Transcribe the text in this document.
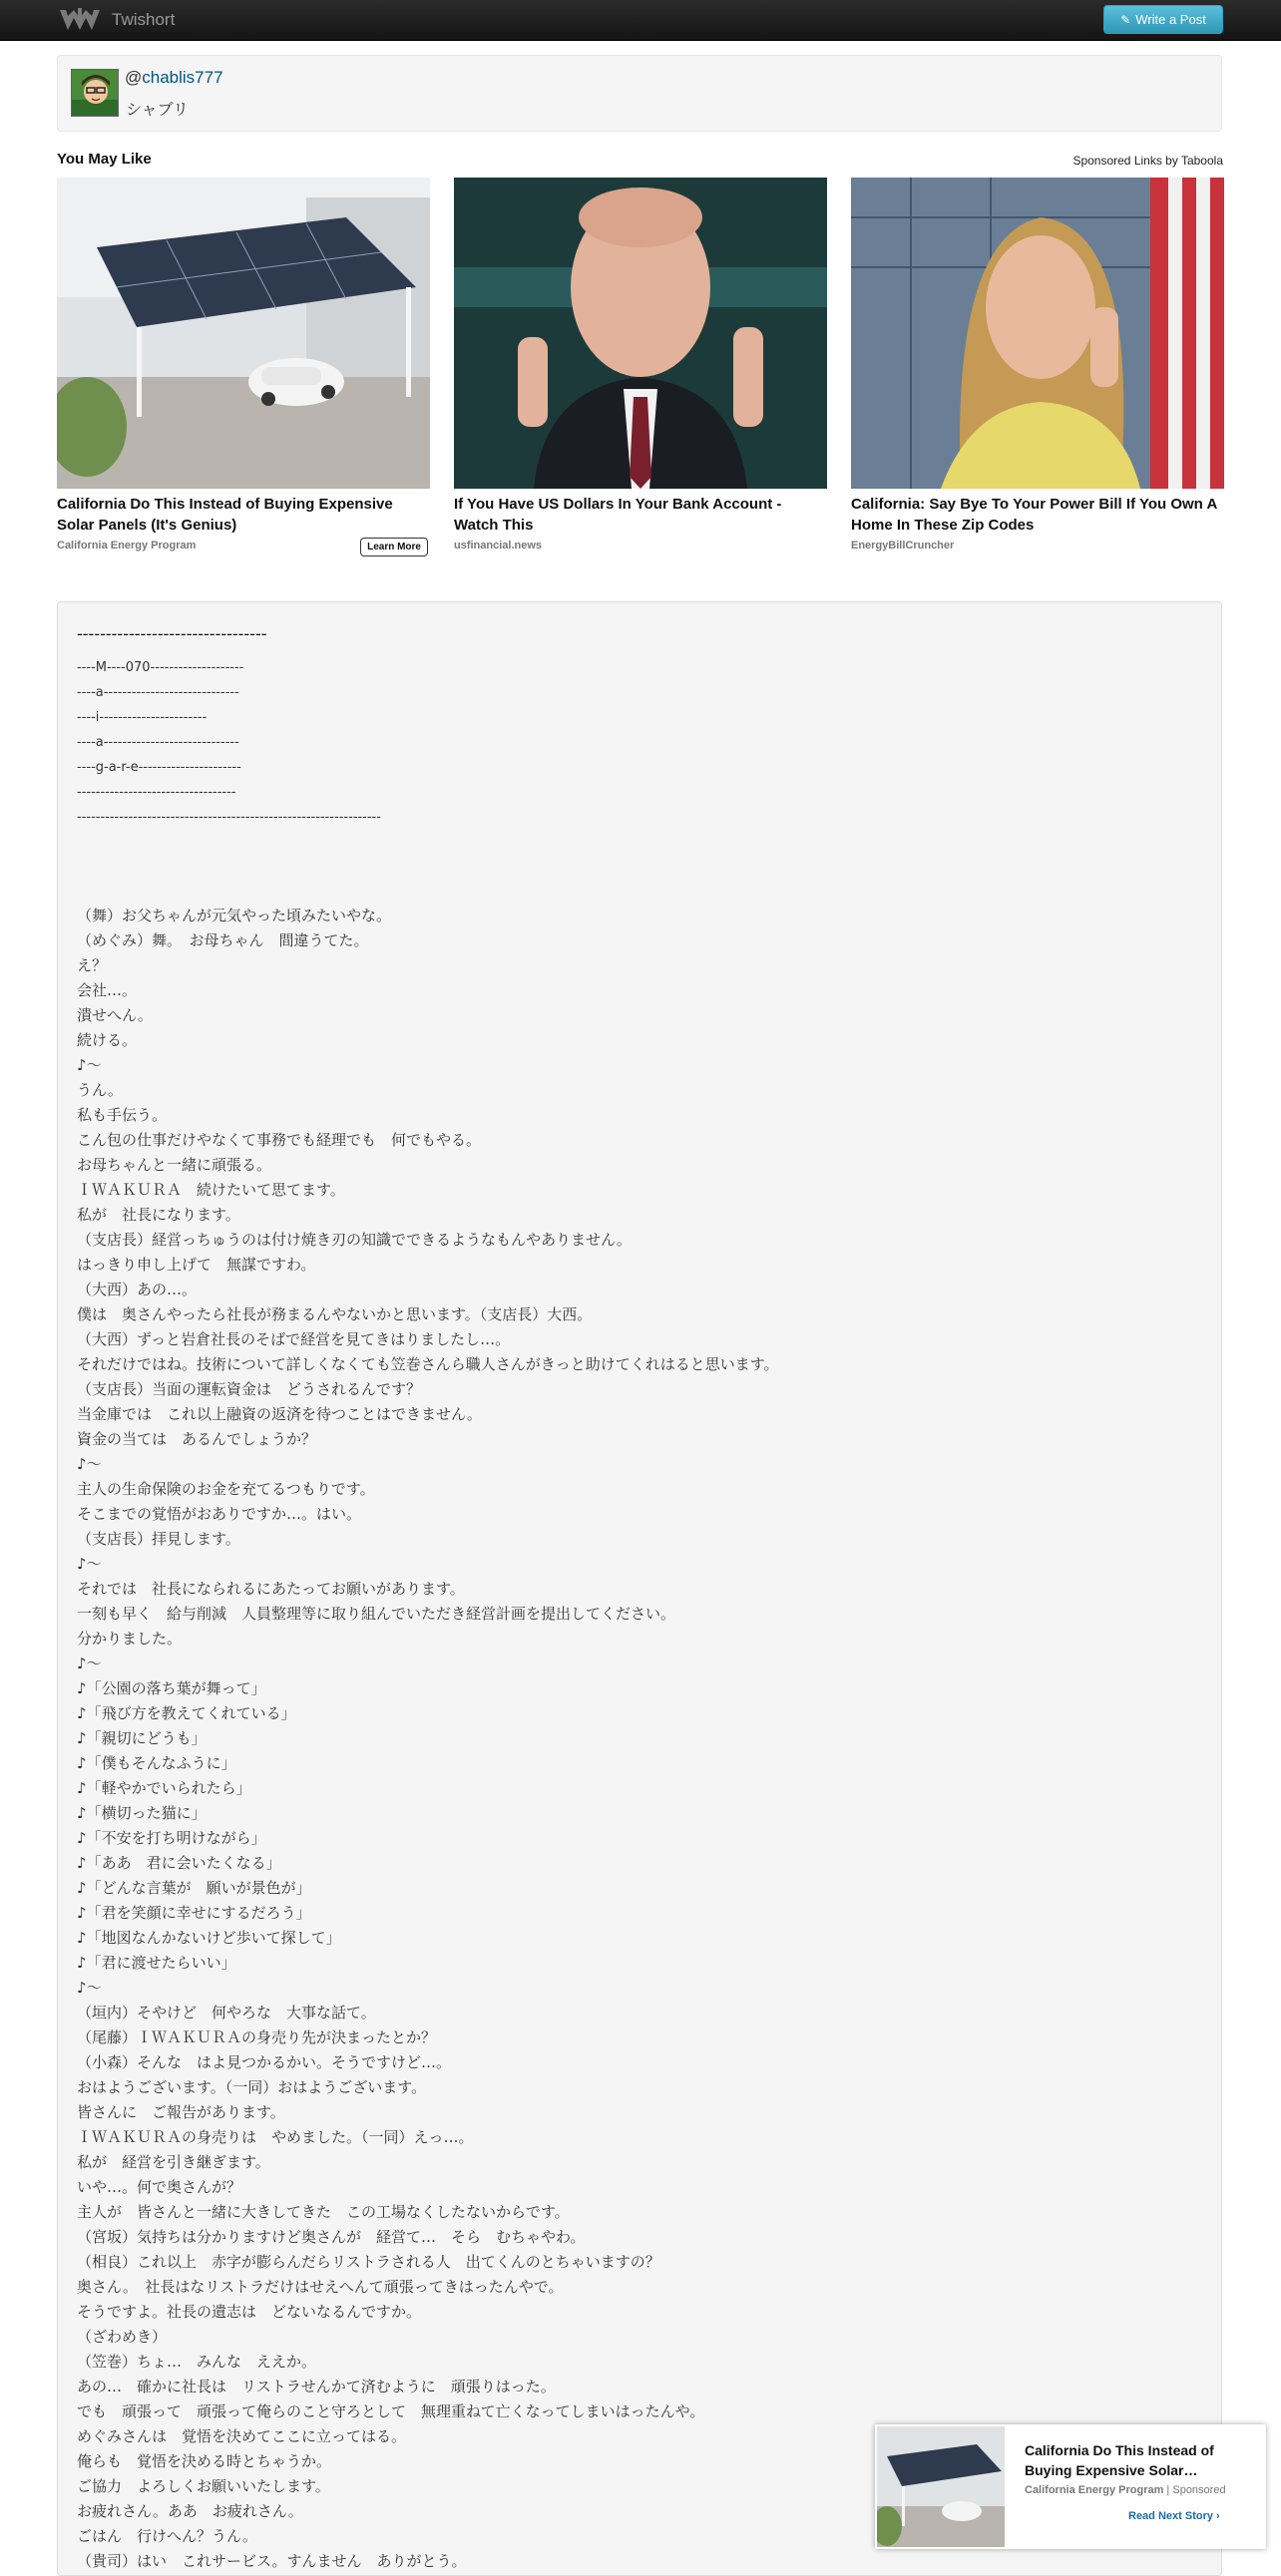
Twishort	✎ Write a Post
@chablis777
シャブリ
You May Like	Sponsored Links by Taboola
California Do This Instead of Buying Expensive Solar Panels (It's Genius)
California Energy Program	Learn More
If You Have US Dollars In Your Bank Account - Watch This
usfinancial.news
California: Say Bye To Your Power Bill If You Own A Home In These Zip Codes
EnergyBillCruncher
---------------------------------
----M----070--------------------
----a-----------------------------
----i-----------------------
----a-----------------------------
----g-a-r-e----------------------
----------------------------------
-----------------------------------------------------------------
（舞）お父ちゃんが元気やった頃みたいやな。
（めぐみ）舞。　お母ちゃん　間違うてた。
え？
会社…。
潰せへん。
続ける。
♪～
うん。
私も手伝う。
こん包の仕事だけやなくて事務でも経理でも　何でもやる。
お母ちゃんと一緒に頑張る。
ＩＷＡＫＵＲＡ　続けたいて思てます。
私が　社長になります。
（支店長）経営っちゅうのは付け焼き刃の知識でできるようなもんやありません。
はっきり申し上げて　無謀ですわ。
（大西）あの…。
僕は　奥さんやったら社長が務まるんやないかと思います。（支店長）大西。
（大西）ずっと岩倉社長のそばで経営を見てきはりましたし…。
それだけではね。技術について詳しくなくても笠巻さんら職人さんがきっと助けてくれはると思います。
（支店長）当面の運転資金は　どうされるんです？
当金庫では　これ以上融資の返済を待つことはできません。
資金の当ては　あるんでしょうか？
♪～
主人の生命保険のお金を充てるつもりです。
そこまでの覚悟がおありですか…。はい。
（支店長）拝見します。
♪～
それでは　社長になられるにあたってお願いがあります。
一刻も早く　給与削減　人員整理等に取り組んでいただき経営計画を提出してください。
分かりました。
♪～
♪「公園の落ち葉が舞って」
♪「飛び方を教えてくれている」
♪「親切にどうも」
♪「僕もそんなふうに」
♪「軽やかでいられたら」
♪「横切った猫に」
♪「不安を打ち明けながら」
♪「ああ　君に会いたくなる」
♪「どんな言葉が　願いが景色が」
♪「君を笑顔に幸せにするだろう」
♪「地図なんかないけど歩いて探して」
♪「君に渡せたらいい」
♪～
（垣内）そやけど　何やろな　大事な話て。
（尾藤）ＩＷＡＫＵＲＡの身売り先が決まったとか？
（小森）そんな　はよ見つかるかい。そうですけど…。
おはようございます。（一同）おはようございます。
皆さんに　ご報告があります。
ＩＷＡＫＵＲＡの身売りは　やめました。（一同）えっ…。
私が　経営を引き継ぎます。
いや…。何で奥さんが？
主人が　皆さんと一緒に大きしてきた　この工場なくしたないからです。
（宮坂）気持ちは分かりますけど奥さんが　経営て…　そら　むちゃやわ。
（相良）これ以上　赤字が膨らんだらリストラされる人　出てくんのとちゃいますの？
奥さん。　社長はなリストラだけはせえへんて頑張ってきはったんやで。
そうですよ。社長の遺志は　どないなるんですか。
（ざわめき）
（笠巻）ちょ…　みんな　ええか。
あの…　確かに社長は　リストラせんかて済むように　頑張りはった。
でも　頑張って　頑張って俺らのこと守ろとして　無理重ねて亡くなってしまいはったんや。
めぐみさんは　覚悟を決めてここに立ってはる。
俺らも　覚悟を決める時とちゃうか。
ご協力　よろしくお願いいたします。
お疲れさん。ああ　お疲れさん。
ごはん　行けへん？うん。
（貴司）はい　これサービス。すんません　ありがとう。
California Do This Instead of Buying Expensive Solar…
California Energy Program | Sponsored
Read Next Story ›
